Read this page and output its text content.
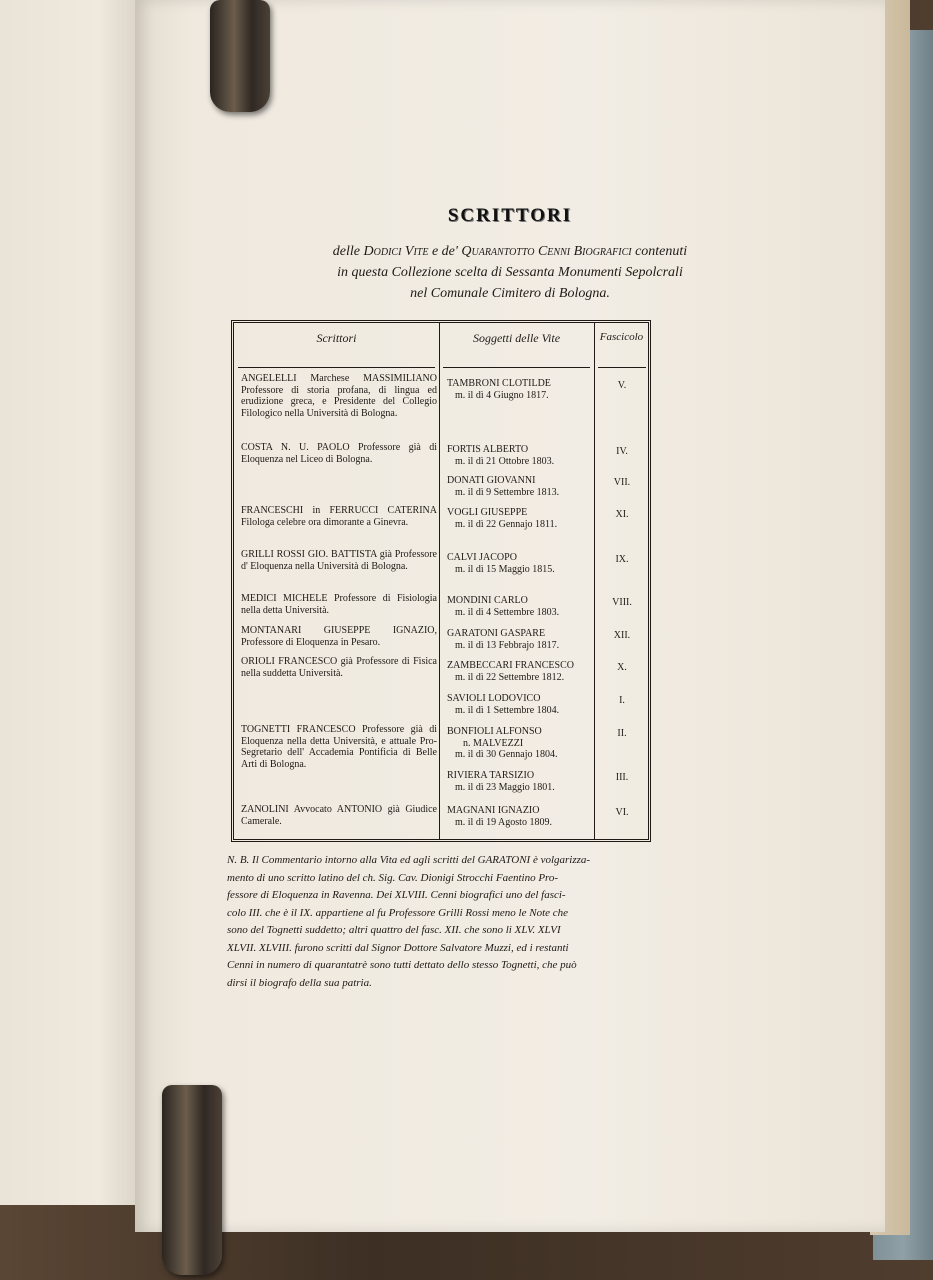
SCRITTORI
delle Dodici Vite e de' Quarantotto Cenni Biografici contenuti
in questa Collezione scelta di Sessanta Monumenti Sepolcrali
nel Comunale Cimitero di Bologna.
Scrittori	Soggetti delle Vite	Fascicolo
ANGELELLI Marchese MASSIMILIANO Professore di storia profana, di lingua ed erudizione greca, e Presidente del Collegio Filologico nella Università di Bologna.
COSTA N. U. PAOLO Professore già di Eloquenza nel Liceo di Bologna.
FRANCESCHI in FERRUCCI CATERINA Filologa celebre ora dimorante a Ginevra.
GRILLI ROSSI GIO. BATTISTA già Professore d' Eloquenza nella Università di Bologna.
MEDICI MICHELE Professore di Fisiologia nella detta Università.
MONTANARI GIUSEPPE IGNAZIO, Professore di Eloquenza in Pesaro.
ORIOLI FRANCESCO già Professore di Fisica nella suddetta Università.
TOGNETTI FRANCESCO Professore già di Eloquenza nella detta Università, e attuale Pro-Segretario dell' Accademia Pontificia di Belle Arti di Bologna.
ZANOLINI Avvocato ANTONIO già Giudice Camerale.
TAMBRONI CLOTILDE
m. il dì 4 Giugno 1817.
FORTIS ALBERTO
m. il dì 21 Ottobre 1803.
DONATI GIOVANNI
m. il dì 9 Settembre 1813.
VOGLI GIUSEPPE
m. il dì 22 Gennajo 1811.
CALVI JACOPO
m. il dì 15 Maggio 1815.
MONDINI CARLO
m. il dì 4 Settembre 1803.
GARATONI GASPARE
m. il dì 13 Febbrajo 1817.
ZAMBECCARI FRANCESCO
m. il dì 22 Settembre 1812.
SAVIOLI LODOVICO
m. il dì 1 Settembre 1804.
BONFIOLI ALFONSO
n. MALVEZZI
m. il dì 30 Gennajo 1804.
RIVIERA TARSIZIO
m. il dì 23 Maggio 1801.
MAGNANI IGNAZIO
m. il dì 19 Agosto 1809.
V.
IV.
VII.
XI.
IX.
VIII.
XII.
X.
I.
II.
III.
VI.
N. B. Il Commentario intorno alla Vita ed agli scritti del GARATONI è volgarizza-
mento di uno scritto latino del ch. Sig. Cav. Dionigi Strocchi Faentino Pro-
fessore di Eloquenza in Ravenna. Dei XLVIII. Cenni biografici uno del fasci-
colo III. che è il IX. appartiene al fu Professore Grilli Rossi meno le Note che
sono del Tognetti suddetto; altri quattro del fasc. XII. che sono li XLV. XLVI
XLVII. XLVIII. furono scritti dal Signor Dottore Salvatore Muzzi, ed i restanti
Cenni in numero di quarantatrè sono tutti dettato dello stesso Tognetti, che può
dirsi il biografo della sua patria.
